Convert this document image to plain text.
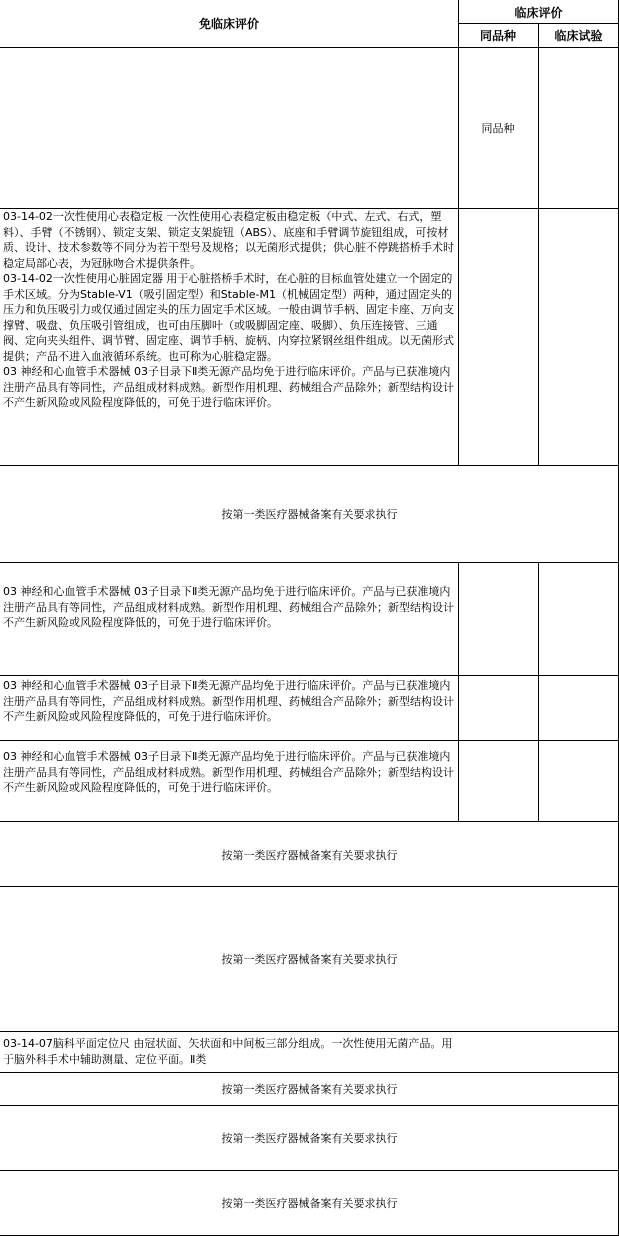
免临床评价
临床评价
同品种	临床试验
同品种
03-14-02一次性使用心表稳定板 一次性使用心表稳定板由稳定板（中式、左式、右式，塑料）、手臂（不锈钢）、锁定支架、锁定支架旋钮（ABS）、底座和手臂调节旋钮组成，可按材质、设计、技术参数等不同分为若干型号及规格；以无菌形式提供；供心脏不停跳搭桥手术时稳定局部心表，为冠脉吻合术提供条件。
03-14-02一次性使用心脏固定器 用于心脏搭桥手术时，在心脏的目标血管处建立一个固定的手术区域。分为Stable-V1（吸引固定型）和Stable-M1（机械固定型）两种，通过固定头的压力和负压吸引力或仅通过固定头的压力固定手术区域。一般由调节手柄、固定卡座、万向支撑臂、吸盘、负压吸引管组成，也可由压脚叶（或吸脚固定座、吸脚）、负压连接管、三通阀、定向夹头组件、调节臂、固定座、调节手柄、旋柄、内穿拉紧钢丝组件组成。以无菌形式提供；产品不进入血液循环系统。也可称为心脏稳定器。
03 神经和心血管手术器械 03子目录下Ⅱ类无源产品均免于进行临床评价。产品与已获准境内注册产品具有等同性，产品组成材料成熟。新型作用机理、药械组合产品除外；新型结构设计不产生新风险或风险程度降低的，可免于进行临床评价。
按第一类医疗器械备案有关要求执行
03 神经和心血管手术器械 03子目录下Ⅱ类无源产品均免于进行临床评价。产品与已获准境内注册产品具有等同性，产品组成材料成熟。新型作用机理、药械组合产品除外；新型结构设计不产生新风险或风险程度降低的，可免于进行临床评价。
03 神经和心血管手术器械 03子目录下Ⅱ类无源产品均免于进行临床评价。产品与已获准境内注册产品具有等同性，产品组成材料成熟。新型作用机理、药械组合产品除外；新型结构设计不产生新风险或风险程度降低的，可免于进行临床评价。
03 神经和心血管手术器械 03子目录下Ⅱ类无源产品均免于进行临床评价。产品与已获准境内注册产品具有等同性，产品组成材料成熟。新型作用机理、药械组合产品除外；新型结构设计不产生新风险或风险程度降低的，可免于进行临床评价。
按第一类医疗器械备案有关要求执行
按第一类医疗器械备案有关要求执行
03-14-07脑科平面定位尺 由冠状面、矢状面和中间板三部分组成。一次性使用无菌产品。用于脑外科手术中辅助测量、定位平面。Ⅱ类
按第一类医疗器械备案有关要求执行
按第一类医疗器械备案有关要求执行
按第一类医疗器械备案有关要求执行
